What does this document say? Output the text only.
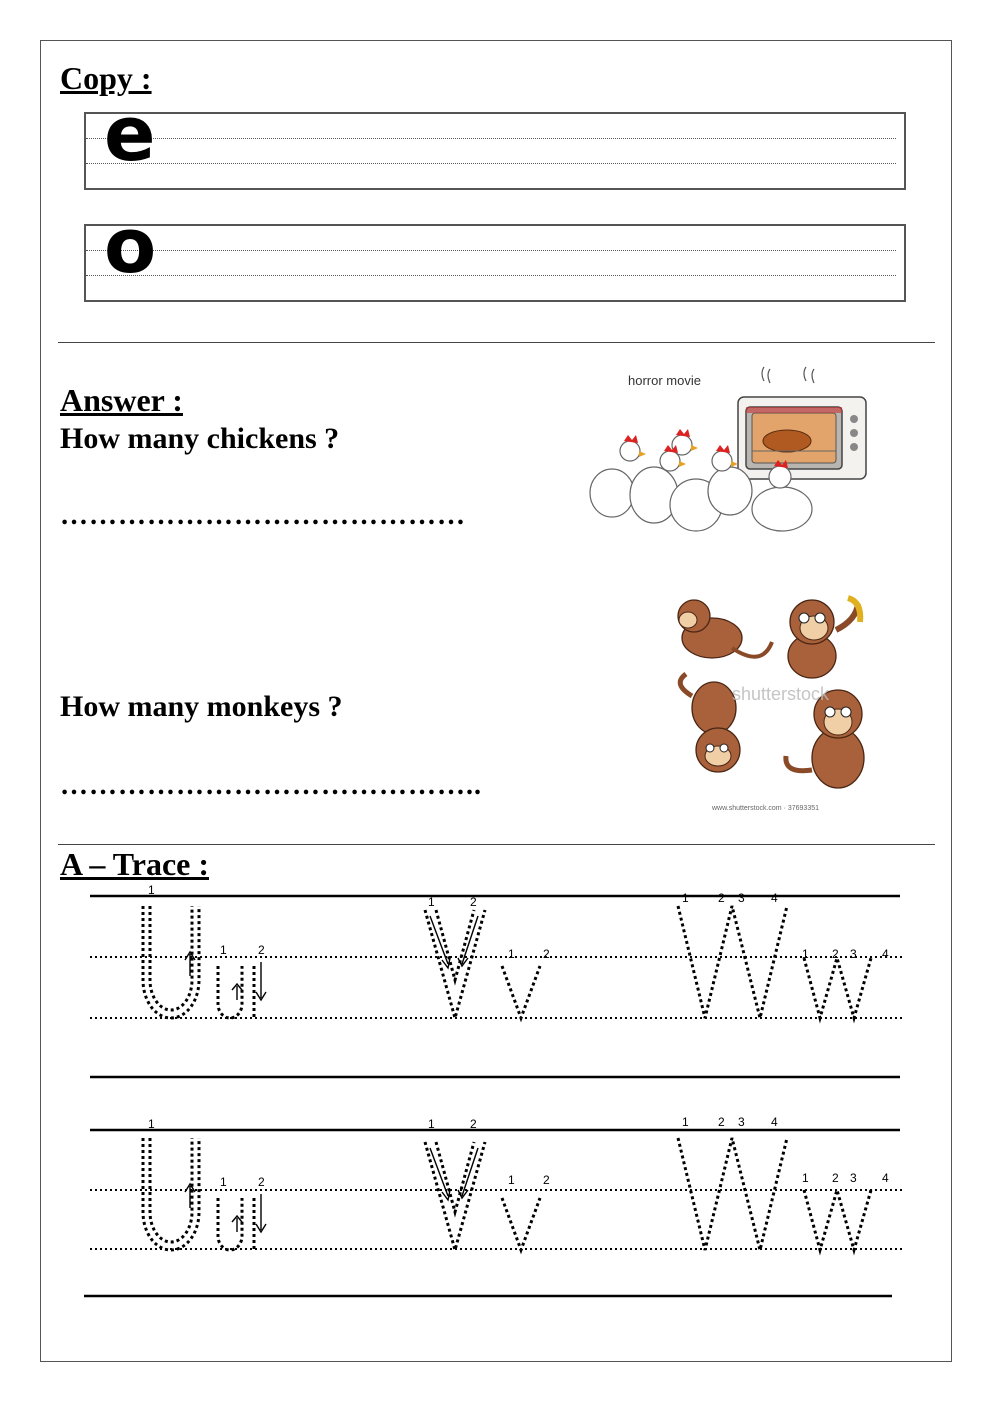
Copy :
e
o
Answer :
How many chickens ?
……………………………………
horror movie
How many monkeys ?
……………………………………..
shutterstock
www.shutterstock.com · 37693351
A – Trace :
1
1	2
1	2
1 2
1 2 3 4
1 2 3 4
1
1	2
1	2
1 2
1 2 3 4
1 2 3 4
